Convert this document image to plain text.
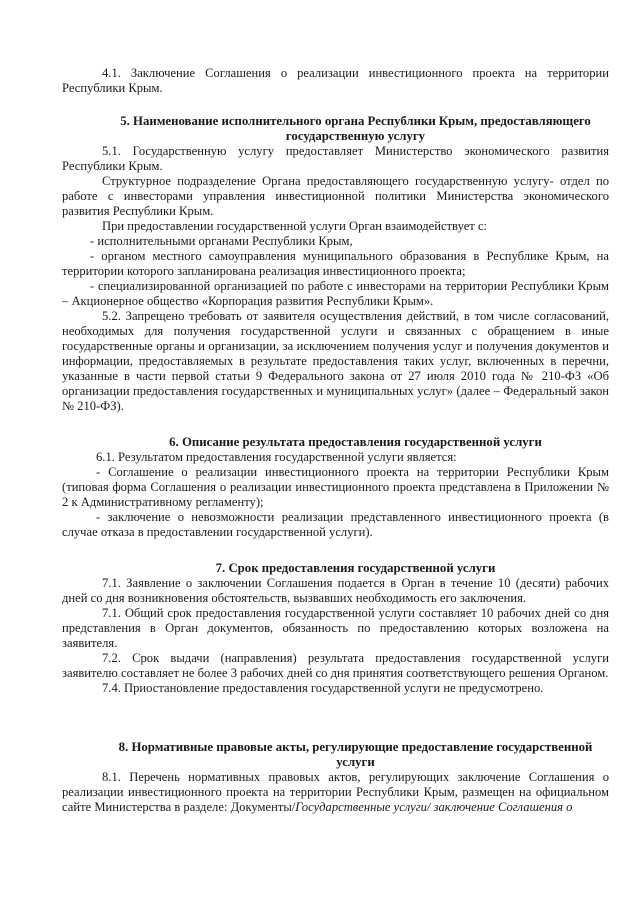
4.1. Заключение Соглашения о реализации инвестиционного проекта на территории Республики Крым.

5. Наименование исполнительного органа Республики Крым, предоставляющего государственную услугу

5.1. Государственную услугу предоставляет Министерство экономического развития Республики Крым.

Структурное подразделение Органа предоставляющего государственную услугу- отдел по работе с инвесторами управления инвестиционной политики Министерства экономического развития Республики Крым.

При предоставлении государственной услуги Орган взаимодействует с:

- исполнительными органами Республики Крым,

- органом местного самоуправления муниципального образования в Республике Крым, на территории которого запланирована реализация инвестиционного проекта;

- специализированной организацией по работе с инвесторами на территории Республики Крым – Акционерное общество «Корпорация развития Республики Крым».

5.2. Запрещено требовать от заявителя осуществления действий, в том числе согласований, необходимых для получения государственной услуги и связанных с обращением в иные государственные органы и организации, за исключением получения услуг и получения документов и информации, предоставляемых в результате предоставления таких услуг, включенных в перечни, указанные в части первой статьи 9 Федерального закона от 27 июля 2010 года № 210-ФЗ «Об организации предоставления государственных и муниципальных услуг» (далее – Федеральный закон № 210-ФЗ).

6. Описание результата предоставления государственной услуги

6.1. Результатом предоставления государственной услуги является:

- Соглашение о реализации инвестиционного проекта на территории Республики Крым (типовая форма Соглашения о реализации инвестиционного проекта представлена в Приложении № 2 к Административному регламенту);

- заключение о невозможности реализации представленного инвестиционного проекта (в случае отказа в предоставлении государственной услуги).

7. Срок предоставления государственной услуги

7.1. Заявление о заключении Соглашения подается в Орган в течение 10 (десяти) рабочих дней со дня возникновения обстоятельств, вызвавших необходимость его заключения.

7.1. Общий срок предоставления государственной услуги составляет 10 рабочих дней со дня представления в Орган документов, обязанность по предоставлению которых возложена на заявителя.

7.2. Срок выдачи (направления) результата предоставления государственной услуги заявителю составляет не более 3 рабочих дней со дня принятия соответствующего решения Органом.

7.4. Приостановление предоставления государственной услуги не предусмотрено.

8. Нормативные правовые акты, регулирующие предоставление государственной услуги

8.1. Перечень нормативных правовых актов, регулирующих заключение Соглашения о реализации инвестиционного проекта на территории Республики Крым, размещен на официальном сайте Министерства в разделе: Документы/Государственные услуги/ заключение Соглашения о
